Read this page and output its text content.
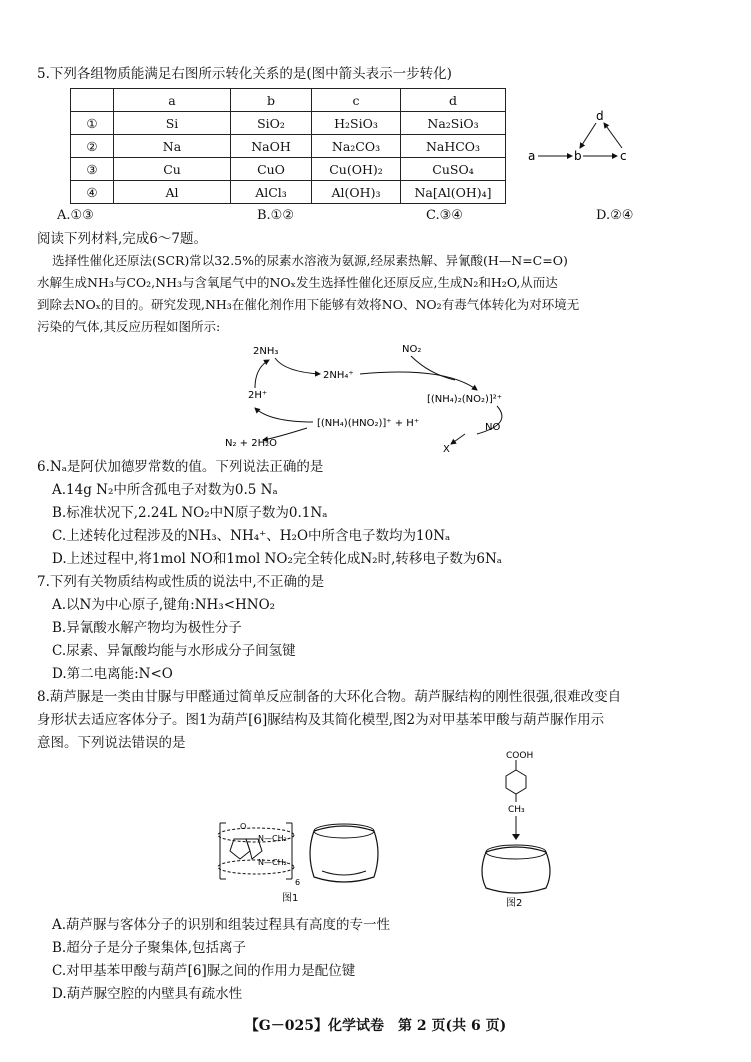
5.下列各组物质能满足右图所示转化关系的是(图中箭头表示一步转化)
	a	b	c	d
①	Si	SiO₂	H₂SiO₃	Na₂SiO₃
②	Na	NaOH	Na₂CO₃	NaHCO₃
③	Cu	CuO	Cu(OH)₂	CuSO₄
④	Al	AlCl₃	Al(OH)₃	Na[Al(OH)₄]
a	b	c
d
A.①③	B.①②	C.③④	D.②④
阅读下列材料,完成6～7题。
选择性催化还原法(SCR)常以32.5%的尿素水溶液为氨源,经尿素热解、异氰酸(H—N=C=O)
水解生成NH₃与CO₂,NH₃与含氧尾气中的NOₓ发生选择性催化还原反应,生成N₂和H₂O,从而达
到除去NOₓ的目的。研究发现,NH₃在催化剂作用下能够有效将NO、NO₂有毒气体转化为对环境无
污染的气体,其反应历程如图所示:
2NH₃
2NH₄⁺
NO₂
[(NH₄)₂(NO₂)]²⁺
NO
X
[(NH₄)(HNO₂)]⁺ + H⁺
2H⁺
N₂ + 2H₂O
6.Nₐ是阿伏加德罗常数的值。下列说法正确的是
A.14g N₂中所含孤电子对数为0.5 Nₐ
B.标准状况下,2.24L NO₂中N原子数为0.1Nₐ
C.上述转化过程涉及的NH₃、NH₄⁺、H₂O中所含电子数均为10Nₐ
D.上述过程中,将1mol NO和1mol NO₂完全转化成N₂时,转移电子数为6Nₐ
7.下列有关物质结构或性质的说法中,不正确的是
A.以N为中心原子,键角:NH₃<HNO₂
B.异氰酸水解产物均为极性分子
C.尿素、异氰酸均能与水形成分子间氢键
D.第二电离能:N<O
8.葫芦脲是一类由甘脲与甲醛通过简单反应制备的大环化合物。葫芦脲结构的刚性很强,很难改变自
身形状去适应客体分子。图1为葫芦[6]脲结构及其简化模型,图2为对甲基苯甲酸与葫芦脲作用示
意图。下列说法错误的是
O
N—CH₂
N—CH₂
6
图1
COOH
CH₃
图2
A.葫芦脲与客体分子的识别和组装过程具有高度的专一性
B.超分子是分子聚集体,包括离子
C.对甲基苯甲酸与葫芦[6]脲之间的作用力是配位键
D.葫芦脲空腔的内壁具有疏水性
【G－025】化学试卷　第 2 页(共 6 页)
